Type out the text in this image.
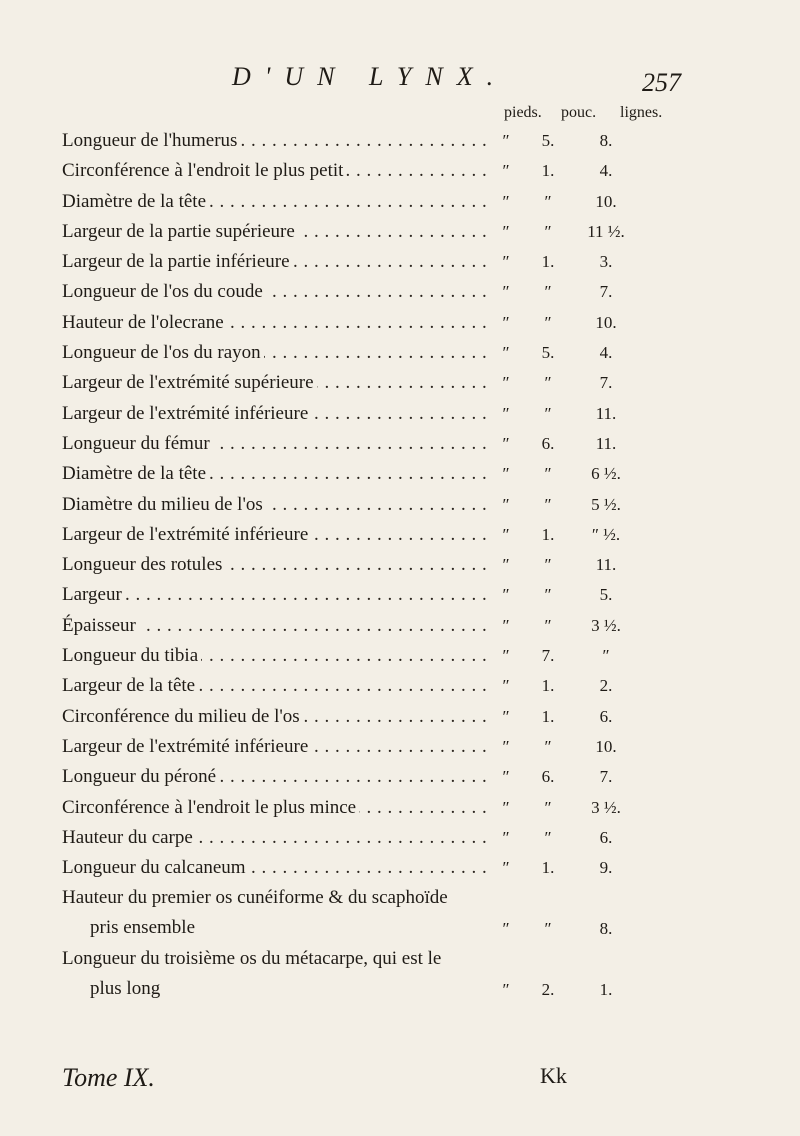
D'UN LYNX.	257
pieds. pouc. lignes.
Longueur de l'humerus . . .	″	5.	8.
Circonférence à l'endroit le plus petit . . .	″	1.	4.
Diamètre de la tête . . .	″	″	10.
Largeur de la partie supérieure . . .	″	″	11 ½.
Largeur de la partie inférieure . . .	″	1.	3.
Longueur de l'os du coude . . .	″	″	7.
Hauteur de l'olecrane . . .	″	″	10.
Longueur de l'os du rayon . . .	″	5.	4.
Largeur de l'extrémité supérieure . . .	″	″	7.
Largeur de l'extrémité inférieure . . .	″	″	11.
Longueur du fémur . . .	″	6.	11.
Diamètre de la tête . . .	″	″	6 ½.
Diamètre du milieu de l'os . . .	″	″	5 ½.
Largeur de l'extrémité inférieure . . .	″	1.	″ ½.
Longueur des rotules . . .	″	″	11.
Largeur . . .	″	″	5.
Épaisseur . . .	″	″	3 ½.
Longueur du tibia . . .	″	7.	″
Largeur de la tête . . .	″	1.	2.
Circonférence du milieu de l'os . . .	″	1.	6.
Largeur de l'extrémité inférieure . . .	″	″	10.
Longueur du péroné . . .	″	6.	7.
Circonférence à l'endroit le plus mince . . .	″	″	3 ½.
Hauteur du carpe . . .	″	″	6.
Longueur du calcaneum . . .	″	1.	9.
Hauteur du premier os cunéiforme & du scaphoïde
pris ensemble
. . .	″	″	8.
Longueur du troisième os du métacarpe, qui est le
plus long
. . .	″	2.	1.
Tome IX.	Kk
